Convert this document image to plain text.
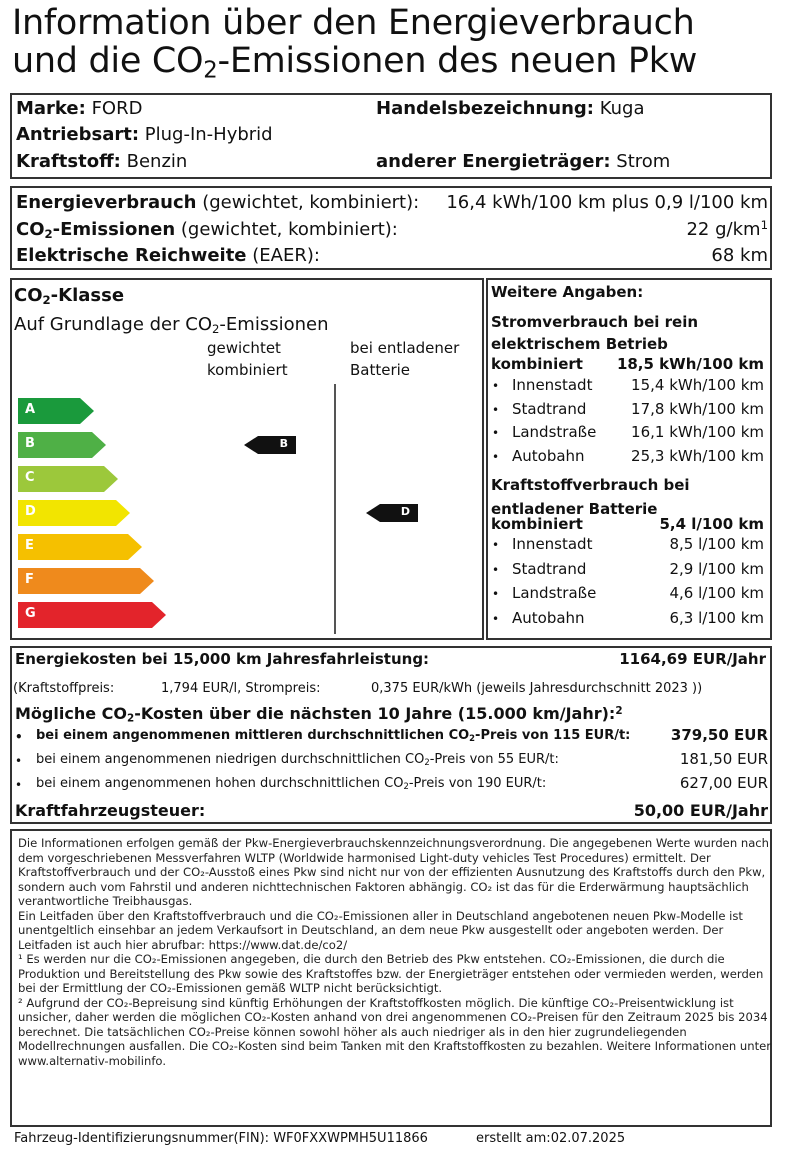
Information über den Energieverbrauch
und die $CO_2$-Emissionen des neuen Pkw
Marke: FORD	Handelsbezeichnung: Kuga
Antriebsart: Plug-In-Hybrid
Kraftstoff: Benzin	anderer Energieträger: Strom
Energieverbrauch (gewichtet, kombiniert): 16,4 kWh/100 km plus 0,9 l/100 km
$CO_2$-Emissionen (gewichtet, kombiniert):	22 $g/km^1$
Elektrische Reichweite (EAER):	68 km
$CO_2$-Klasse
Auf Grundlage der $CO_2$-Emissionen
gewichtet
kombiniert
bei entladener
Batterie
A
B
C
D
E
F
G
B
D
Weitere Angaben:
Stromverbrauch bei rein
elektrischem Betrieb
kombiniert 18,5 kWh/100 km
• Innenstadt	15,4 kWh/100 km
• Stadtrand	17,8 kWh/100 km
• Landstraße 16,1 kWh/100 km
• Autobahn	25,3 kWh/100 km
Kraftstoffverbrauch bei
entladener Batterie
kombiniert	5,4 l/100 km
• Innenstadt	8,5 l/100 km
• Stadtrand	2,9 l/100 km
• Landstraße	4,6 l/100 km
• Autobahn	6,3 l/100 km
Energiekosten bei 15,000 km Jahresfahrleistung:	1164,69 EUR/Jahr
(Kraftstoffpreis:	1,794 EUR/l, Strompreis:	0,375 EUR/kWh (jeweils Jahresdurchschnitt 2023 ))
Mögliche $CO_2$-Kosten über die nächsten 10 Jahre (15.000 km/Jahr):$^2$
• bei einem angenommenen mittleren durchschnittlichen $CO_2$-Preis von 115 EUR/t:	379,50 EUR
• bei einem angenommenen niedrigen durchschnittlichen $CO_2$-Preis von 55 EUR/t:	181,50 EUR
• bei einem angenommenen hohen durchschnittlichen $CO_2$-Preis von 190 EUR/t:	627,00 EUR
Kraftfahrzeugsteuer:	50,00 EUR/Jahr

Die Informationen erfolgen gemäß der Pkw-Energieverbrauchskennzeichnungsverordnung. Die angegebenen Werte wurden nach dem vorgeschriebenen Messverfahren WLTP (Worldwide harmonised Light-duty vehicles Test Procedures) ermittelt. Der Kraftstoffverbrauch und der CO₂-Ausstoß eines Pkw sind nicht nur von der effizienten Ausnutzung des Kraftstoffs durch den Pkw, sondern auch vom Fahrstil und anderen nichttechnischen Faktoren abhängig. CO₂ ist das für die Erderwärmung hauptsächlich verantwortliche Treibhausgas.

Ein Leitfaden über den Kraftstoffverbrauch und die CO₂-Emissionen aller in Deutschland angebotenen neuen Pkw-Modelle ist unentgeltlich einsehbar an jedem Verkaufsort in Deutschland, an dem neue Pkw ausgestellt oder angeboten werden. Der Leitfaden ist auch hier abrufbar: https://www.dat.de/co2/

¹ Es werden nur die CO₂-Emissionen angegeben, die durch den Betrieb des Pkw entstehen. CO₂-Emissionen, die durch die Produktion und Bereitstellung des Pkw sowie des Kraftstoffes bzw. der Energieträger entstehen oder vermieden werden, werden bei der Ermittlung der CO₂-Emissionen gemäß WLTP nicht berücksichtigt.

² Aufgrund der CO₂-Bepreisung sind künftig Erhöhungen der Kraftstoffkosten möglich. Die künftige CO₂-Preisentwicklung ist unsicher, daher werden die möglichen CO₂-Kosten anhand von drei angenommenen CO₂-Preisen für den Zeitraum 2025 bis 2034 berechnet. Die tatsächlichen CO₂-Preise können sowohl höher als auch niedriger als in den hier zugrundeliegenden Modellrechnungen ausfallen. Die CO₂-Kosten sind beim Tanken mit den Kraftstoffkosten zu bezahlen. Weitere Informationen unter www.alternativ-mobilinfo.

Fahrzeug-Identifizierungsnummer(FIN): WF0FXXWPMH5U11866	erstellt am:02.07.2025
